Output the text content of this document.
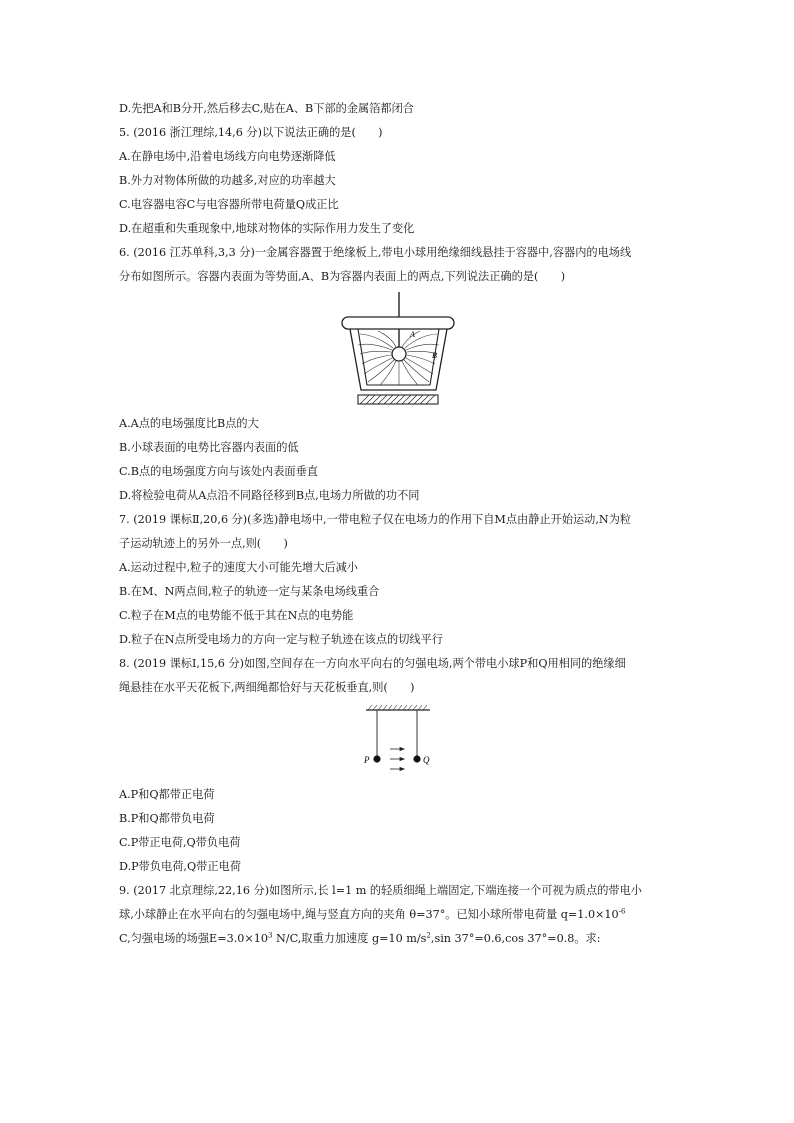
D.先把A和B分开,然后移去C,贴在A、B下部的金属箔都闭合
5. (2016 浙江理综,14,6 分)以下说法正确的是(　　)
A.在静电场中,沿着电场线方向电势逐渐降低
B.外力对物体所做的功越多,对应的功率越大
C.电容器电容C与电容器所带电荷量Q成正比
D.在超重和失重现象中,地球对物体的实际作用力发生了变化
6. (2016 江苏单科,3,3 分)一金属容器置于绝缘板上,带电小球用绝缘细线悬挂于容器中,容器内的电场线
分布如图所示。容器内表面为等势面,A、B为容器内表面上的两点,下列说法正确的是(　　)
A
B
A.A点的电场强度比B点的大
B.小球表面的电势比容器内表面的低
C.B点的电场强度方向与该处内表面垂直
D.将检验电荷从A点沿不同路径移到B点,电场力所做的功不同
7. (2019 课标Ⅱ,20,6 分)(多选)静电场中,一带电粒子仅在电场力的作用下自M点由静止开始运动,N为粒
子运动轨迹上的另外一点,则(　　)
A.运动过程中,粒子的速度大小可能先增大后减小
B.在M、N两点间,粒子的轨迹一定与某条电场线重合
C.粒子在M点的电势能不低于其在N点的电势能
D.粒子在N点所受电场力的方向一定与粒子轨迹在该点的切线平行
8. (2019 课标Ⅰ,15,6 分)如图,空间存在一方向水平向右的匀强电场,两个带电小球P和Q用相同的绝缘细
绳悬挂在水平天花板下,两细绳都恰好与天花板垂直,则(　　)
P	Q
A.P和Q都带正电荷
B.P和Q都带负电荷
C.P带正电荷,Q带负电荷
D.P带负电荷,Q带正电荷
9. (2017 北京理综,22,16 分)如图所示,长 l=1 m 的轻质细绳上端固定,下端连接一个可视为质点的带电小
球,小球静止在水平向右的匀强电场中,绳与竖直方向的夹角 θ=37°。已知小球所带电荷量 $q=1.0\times 10^{-6}$
C,匀强电场的场强$E=3.0\times 10^3$ N/C,取重力加速度 g=10 $m/s^2,\sin$ 37°=0.6,cos 37°=0.8。求:
